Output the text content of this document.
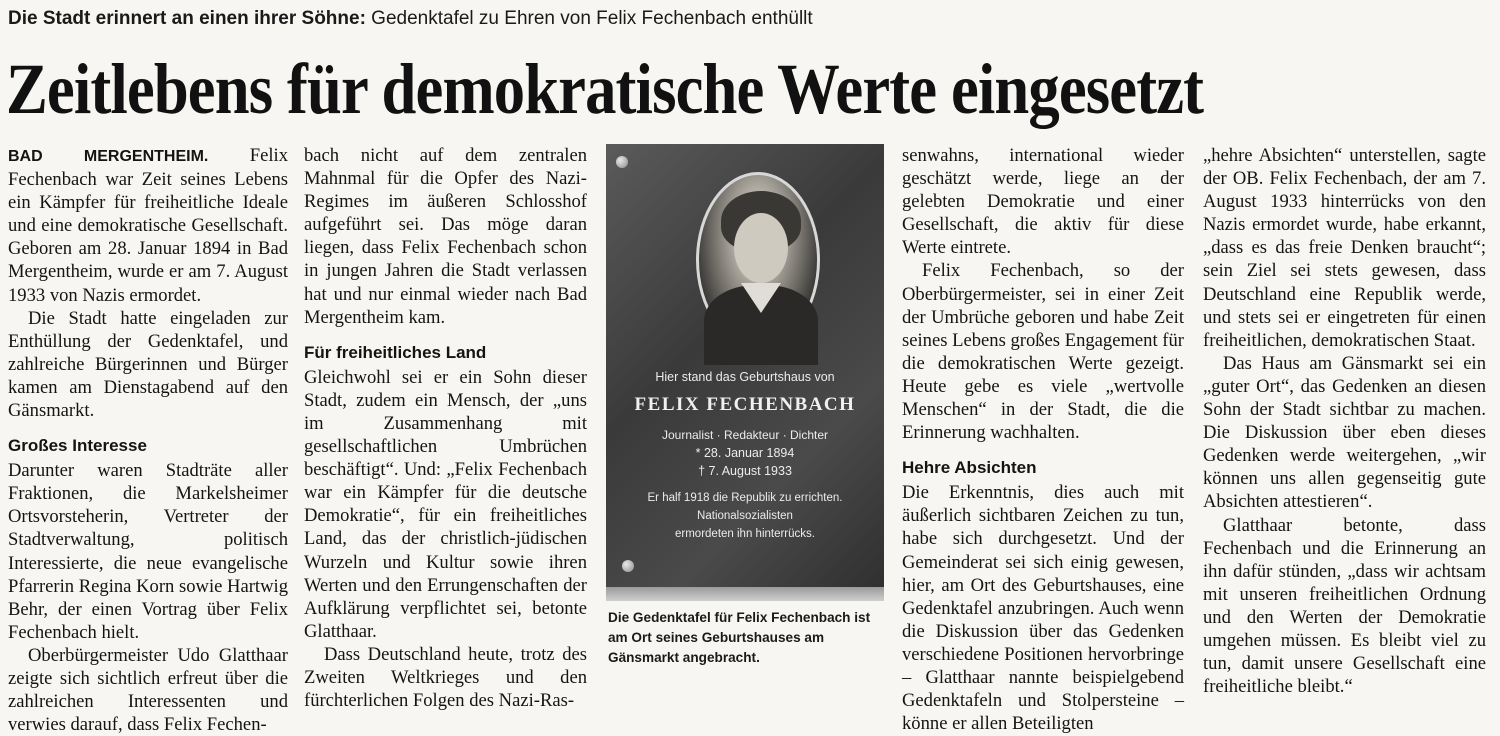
Die Stadt erinnert an einen ihrer Söhne: Gedenktafel zu Ehren von Felix Fechenbach enthüllt
Zeitlebens für demokratische Werte eingesetzt

BAD MERGENTHEIM. Felix Fechenbach war Zeit seines Lebens ein Kämpfer für freiheitliche Ideale und eine demokratische Gesellschaft. Geboren am 28. Januar 1894 in Bad Mergentheim, wurde er am 7. August 1933 von Nazis ermordet.

Die Stadt hatte eingeladen zur Enthüllung der Gedenktafel, und zahlreiche Bürgerinnen und Bürger kamen am Dienstagabend auf den Gänsmarkt.

Großes Interesse

Darunter waren Stadträte aller Fraktionen, die Markelsheimer Ortsvorsteherin, Vertreter der Stadtverwaltung, politisch Interessierte, die neue evangelische Pfarrerin Regina Korn sowie Hartwig Behr, der einen Vortrag über Felix Fechenbach hielt.

Oberbürgermeister Udo Glatthaar zeigte sich sichtlich erfreut über die zahlreichen Interessenten und verwies darauf, dass Felix Fechen-

bach nicht auf dem zentralen Mahnmal für die Opfer des Nazi-Regimes im äußeren Schlosshof aufgeführt sei. Das möge daran liegen, dass Felix Fechenbach schon in jungen Jahren die Stadt verlassen hat und nur einmal wieder nach Bad Mergentheim kam.

Für freiheitliches Land

Gleichwohl sei er ein Sohn dieser Stadt, zudem ein Mensch, der „uns im Zusammenhang mit gesellschaftlichen Umbrüchen beschäftigt“. Und: „Felix Fechenbach war ein Kämpfer für die deutsche Demokratie“, für ein freiheitliches Land, das der christlich-jüdischen Wurzeln und Kultur sowie ihren Werten und den Errungenschaften der Aufklärung verpflichtet sei, betonte Glatthaar.

Dass Deutschland heute, trotz des Zweiten Weltkrieges und den fürchterlichen Folgen des Nazi-Ras-

Hier stand das Geburtshaus von
FELIX FECHENBACH
Journalist · Redakteur · Dichter
* 28. Januar 1894
† 7. August 1933
Er half 1918 die Republik zu errichten.
Nationalsozialisten
ermordeten ihn hinterrücks.
Die Gedenktafel für Felix Fechenbach ist am Ort seines Geburtshauses am Gänsmarkt angebracht.

senwahns, international wieder geschätzt werde, liege an der gelebten Demokratie und einer Gesellschaft, die aktiv für diese Werte eintrete.

Felix Fechenbach, so der Oberbürgermeister, sei in einer Zeit der Umbrüche geboren und habe Zeit seines Lebens großes Engagement für die demokratischen Werte gezeigt. Heute gebe es viele „wertvolle Menschen“ in der Stadt, die die Erinnerung wachhalten.

Hehre Absichten

Die Erkenntnis, dies auch mit äußerlich sichtbaren Zeichen zu tun, habe sich durchgesetzt. Und der Gemeinderat sei sich einig gewesen, hier, am Ort des Geburtshauses, eine Gedenktafel anzubringen. Auch wenn die Diskussion über das Gedenken verschiedene Positionen hervorbringe – Glatthaar nannte beispielgebend Gedenktafeln und Stolpersteine – könne er allen Beteiligten

„hehre Absichten“ unterstellen, sagte der OB. Felix Fechenbach, der am 7. August 1933 hinterrücks von den Nazis ermordet wurde, habe erkannt, „dass es das freie Denken braucht“; sein Ziel sei stets gewesen, dass Deutschland eine Republik werde, und stets sei er eingetreten für einen freiheitlichen, demokratischen Staat.

Das Haus am Gänsmarkt sei ein „guter Ort“, das Gedenken an diesen Sohn der Stadt sichtbar zu machen. Die Diskussion über eben dieses Gedenken werde weitergehen, „wir können uns allen gegenseitig gute Absichten attestieren“.

Glatthaar betonte, dass Fechenbach und die Erinnerung an ihn dafür stünden, „dass wir achtsam mit unseren freiheitlichen Ordnung und den Werten der Demokratie umgehen müssen. Es bleibt viel zu tun, damit unsere Gesellschaft eine freiheitliche bleibt.“
